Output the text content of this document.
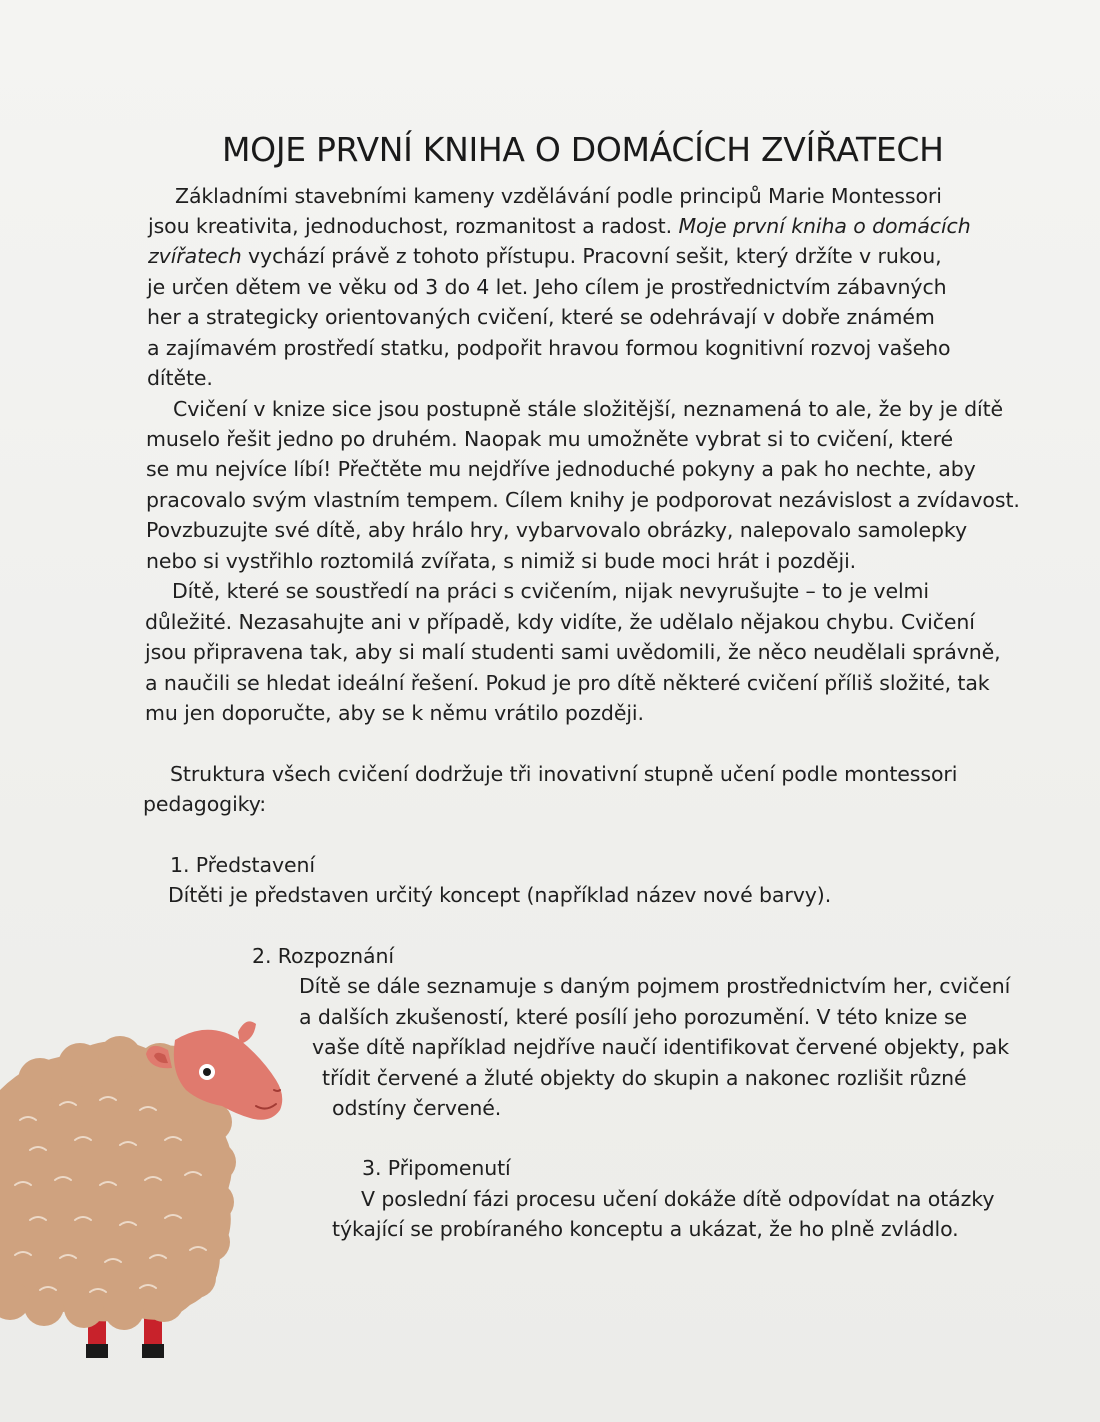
MOJE PRVNÍ KNIHA O DOMÁCÍCH ZVÍŘATECH
Základními stavebními kameny vzdělávání podle principů Marie Montessori
jsou kreativita, jednoduchost, rozmanitost a radost. Moje první kniha o domácích
zvířatech vychází právě z tohoto přístupu. Pracovní sešit, který držíte v rukou,
je určen dětem ve věku od 3 do 4 let. Jeho cílem je prostřednictvím zábavných
her a strategicky orientovaných cvičení, které se odehrávají v dobře známém
a zajímavém prostředí statku, podpořit hravou formou kognitivní rozvoj vašeho
dítěte.
Cvičení v knize sice jsou postupně stále složitější, neznamená to ale, že by je dítě
muselo řešit jedno po druhém. Naopak mu umožněte vybrat si to cvičení, které
se mu nejvíce líbí! Přečtěte mu nejdříve jednoduché pokyny a pak ho nechte, aby
pracovalo svým vlastním tempem. Cílem knihy je podporovat nezávislost a zvídavost.
Povzbuzujte své dítě, aby hrálo hry, vybarvovalo obrázky, nalepovalo samolepky
nebo si vystřihlo roztomilá zvířata, s nimiž si bude moci hrát i později.
Dítě, které se soustředí na práci s cvičením, nijak nevyrušujte – to je velmi
důležité. Nezasahujte ani v případě, kdy vidíte, že udělalo nějakou chybu. Cvičení
jsou připravena tak, aby si malí studenti sami uvědomili, že něco neudělali správně,
a naučili se hledat ideální řešení. Pokud je pro dítě některé cvičení příliš složité, tak
mu jen doporučte, aby se k němu vrátilo později.
Struktura všech cvičení dodržuje tři inovativní stupně učení podle montessori
pedagogiky:
1. Představení
Dítěti je představen určitý koncept (například název nové barvy).
2. Rozpoznání
Dítě se dále seznamuje s daným pojmem prostřednictvím her, cvičení
a dalších zkušeností, které posílí jeho porozumění. V této knize se
vaše dítě například nejdříve naučí identifikovat červené objekty, pak
třídit červené a žluté objekty do skupin a nakonec rozlišit různé
odstíny červené.
3. Připomenutí
V poslední fázi procesu učení dokáže dítě odpovídat na otázky
týkající se probíraného konceptu a ukázat, že ho plně zvládlo.
